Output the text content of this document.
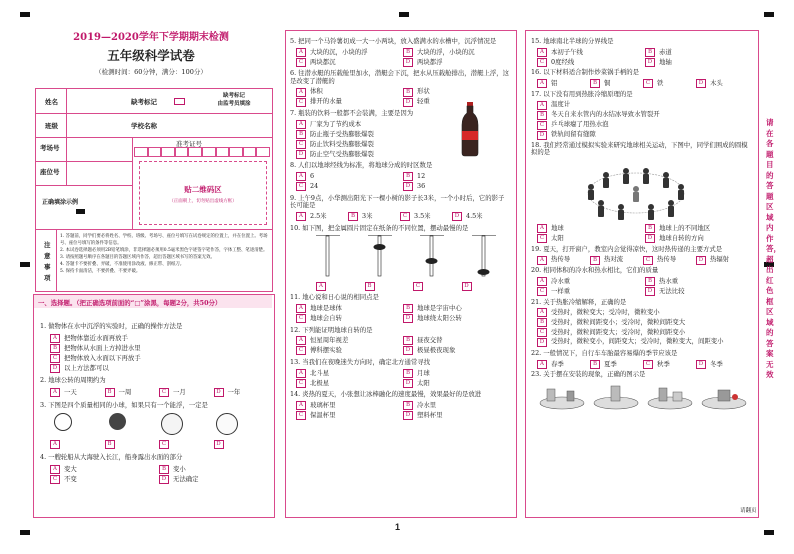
2019—2020学年下学期期末检测
五年级科学试卷
（检测时间：60分钟，满分：100分）
姓名	缺考标记
缺考标记
由监考员填涂
班级	学校名称
考场号
座位号
准考证号
贴二维码区
（正面朝上，切勿贴出虚线方框）
正确填涂示例
注意事项
1. 答题前，同学们要必将姓名、学校、班级、考场号、座位号填写在试卷规定的位置上，并在位置上。考场号、座位号填写的条件等信息。
2. 本试卷选择题必须用2B铅笔填涂，非选择题必须用0.5毫米黑色字迹签字笔作答，字体工整、笔迹清楚。
3. 请按照题号顺序在各题目的答题区域内作答，超出答题区域书写的答案无效。
4. 答题卡不要折叠、弄破，不准使用涂改液、修正带、刮纸刀。
5. 保持卡面清洁，不要折叠、不要弄破。
一、选择题。（把正确选项前面的“□”涂黑，每题2分，共50分）
1. 做物体在水中沉浮的实验时，正确的操作方法是
A	把物体靠近水面再放手
B	把物体从水面上方掉进水里
C	把物体放入水面以下再放手
D	以上方法都可以
2. 地球公转的周期约为
A	一天	B	一周	C	一月	D	一年
3. 下图是四个质量相同的小球，如果只有一个能浮，一定是
A	B	C	D
4. 一艘轮船从大海驶入长江，船身露出水面的部分
A	变大	B	变小
C	不变	D	无法确定
5. 把同一个马铃薯切成一大一小两块，放入盛满水的水槽中，沉浮情况是
A	大块的沉，小块的浮	B	大块的浮，小块的沉
C	两块都沉	D	两块都浮
6. 往潜水艇的压载舱里加水，潜艇会下沉，把水从压载舱排出，潜艇上浮，这是改变了潜艇的
A	体积	B	形状
C	排开的水量	D	轻重
7. 瓶装的饮料一般都不会装满，主要是因为
A	厂家为了节约成本
B	防止瓶子受热膨胀爆裂
C	防止饮料受热膨胀爆裂
D	防止空气受热膨胀爆裂
8. 人们以地球经线为标准，将地球分成的时区数是
A	6	B	12
C	24	D	36
9. 上午9点，小华测出阳光下一棵小树的影子长3米，一个小时后，它的影子长可能是
A	2.5米	B	3米	C	3.5米	D	4.5米
10. 如下图，把金属圆片固定在纸条的不同位置，摆动最慢的是
A	B	C	D
11. 地心说和日心说的相同点是
A	地球是球体	B	地球是宇宙中心
C	地球会自转	D	地球绕太阳公转
12. 下列能证明地球自转的是
A	恒星周年视差	B	昼夜交替
C	傅科摆实验	D	极昼极夜现象
13. 当我们在夜晚迷失方向时，确定北方通常寻找
A	北斗星	B	月球
C	北极星	D	太阳
14. 炎热的夏天，小张想让冰棒融化的速度最慢，效果最好的是放进
A	玻璃杯里	B	冷水里
C	保温杯里	D	塑料杯里
15. 地球南北半球的分界线是
A	本初子午线	B	赤道
C	0度经线	D	地轴
16. 以下材料适合制作炒菜锅手柄的是
A	铝	B	铜	C	铁	D	木头
17. 以下没有用到热胀冷缩原理的是
A	温度计
B	冬天自来水管内的水结冰导致水管裂开
C	乒乓球瘪了用热水泡
D	铁轨间留有缝隙
18. 我们经常通过模拟实验来研究地球相关运动，下图中，同学们围成的圆模拟的是
A	地球	B	地球上的不同地区
C	太阳	D	地球自转的方向
19. 夏天，打开窗户，教室内会觉得凉快，这时热传递的主要方式是
A	热传导	B	热对流	C	热传导	D	热辐射
20. 相同体积的冷水和热水相比，它们的质量
A	冷水重	B	热水重
C	一样重	D	无法比较
21. 关于热胀冷缩解释，正确的是
A	受热时，微粒变大；受冷时，微粒变小
B	受热时，微粒间距变小；受冷时，微粒间距变大
C	受热时，微粒间距变大；受冷时，微粒间距变小
D	受热时，微粒变小，间距变大；受冷时，微粒变大，间距变小
22. 一般情况下，自行车车胎最容易爆的季节应该是
A	春季	B	夏季	C	秋季	D	冬季
23. 关于摆在安装的现象，正确的图示是
请翻页
请在各题目的答题区域内作答，超出红色框区域的答案无效
1
